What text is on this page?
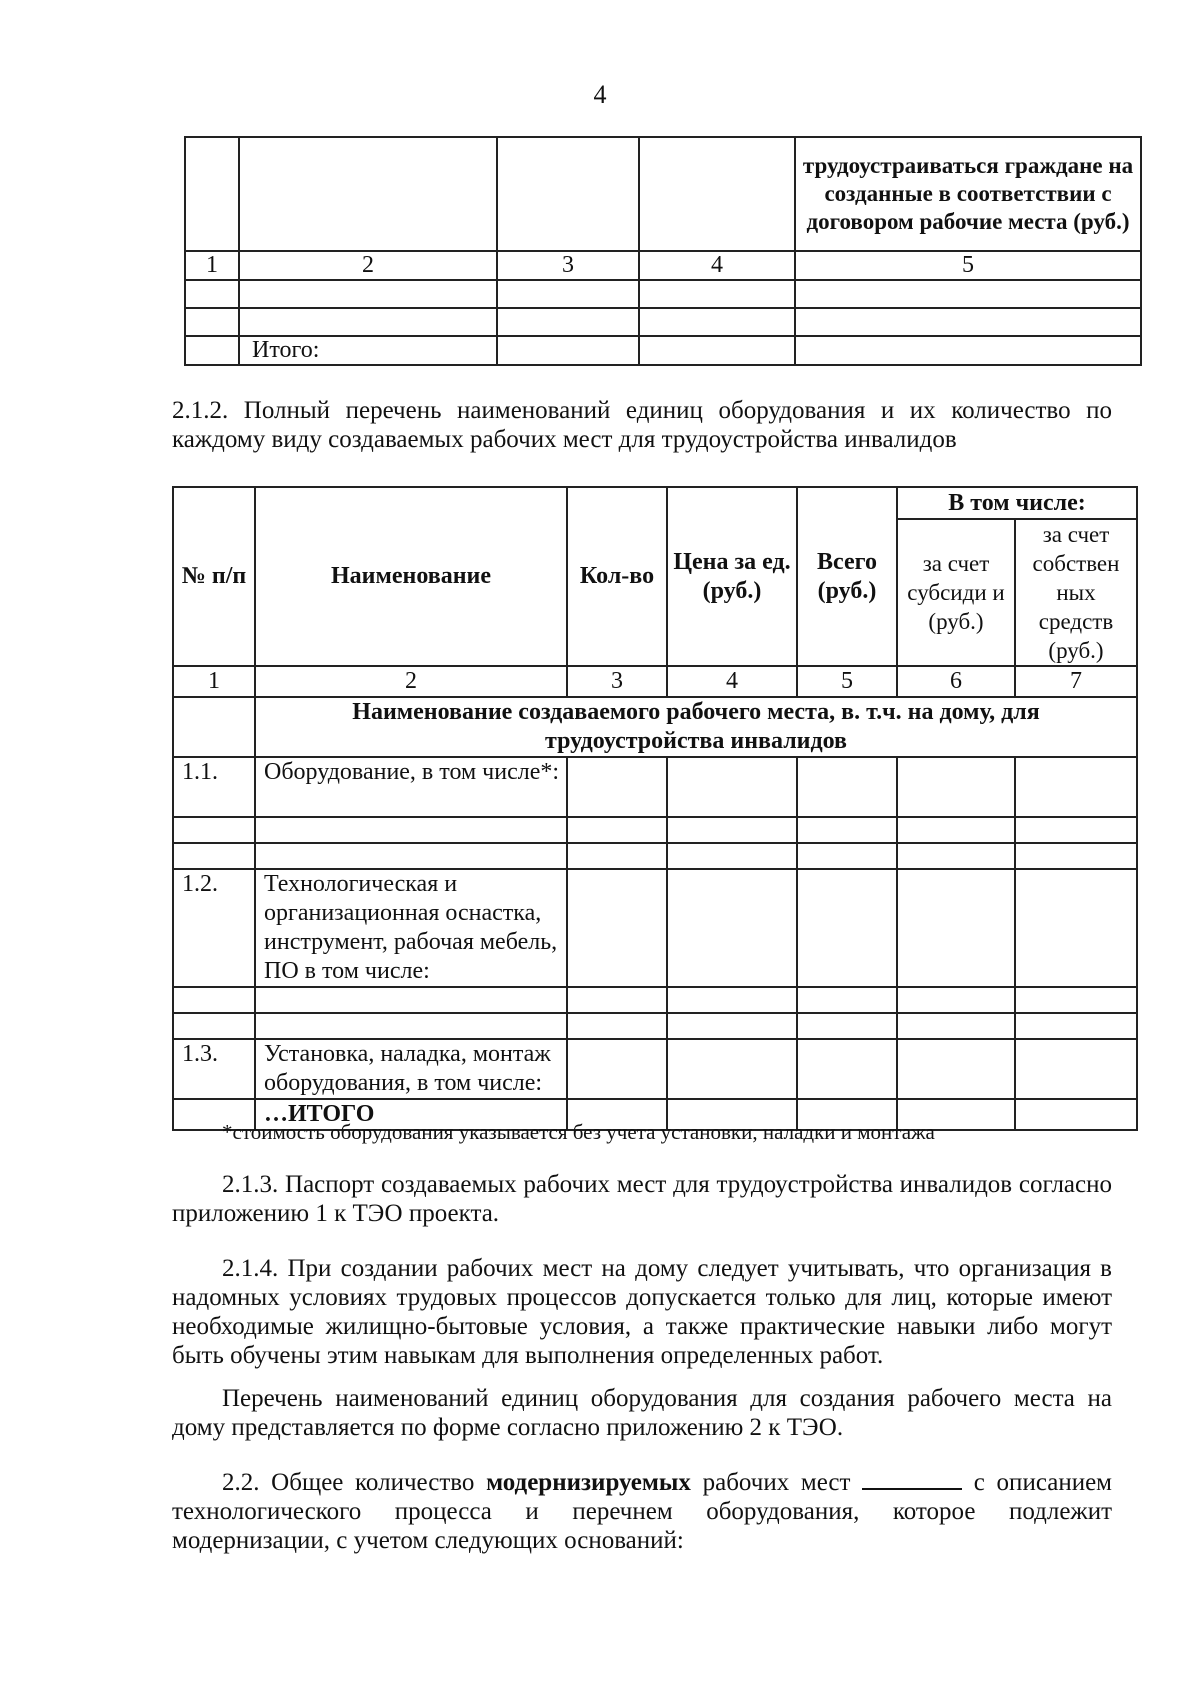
4
				трудоустраиваться граждане на созданные в соответствии с договором рабочие места (руб.)
1	2	3	4	5

	Итого:			
2.1.2. Полный перечень наименований единиц оборудования и их количество по каждому виду создаваемых рабочих мест для трудоустройства инвалидов
№ п/п	Наименование	Кол-во	Цена за ед. (руб.)	Всего (руб.)	В том числе:	
					за счет субсиди и (руб.)	за счет собствен ных средств (руб.)
1	2	3	4	5	6	7
	Наименование создаваемого рабочего места, в. т.ч. на дому, для трудоустройства инвалидов					
1.1.	Оборудование, в том числе*:					

1.2.	Технологическая и организационная оснастка, инструмент, рабочая мебель, ПО в том числе:					

1.3.	Установка, наладка, монтаж оборудования, в том числе:					
	…ИТОГО					
*стоимость оборудования указывается без учета установки, наладки и монтажа
2.1.3. Паспорт создаваемых рабочих мест для трудоустройства инвалидов согласно приложению 1 к ТЭО проекта.
2.1.4. При создании рабочих мест на дому следует учитывать, что организация в надомных условиях трудовых процессов допускается только для лиц, которые имеют необходимые жилищно-бытовые условия, а также практические навыки либо могут быть обучены этим навыкам для выполнения определенных работ.
Перечень наименований единиц оборудования для создания рабочего места на дому представляется по форме согласно приложению 2 к ТЭО.
2.2. Общее количество модернизируемых рабочих мест	с описанием технологического процесса и перечнем оборудования, которое подлежит модернизации, с учетом следующих оснований:
